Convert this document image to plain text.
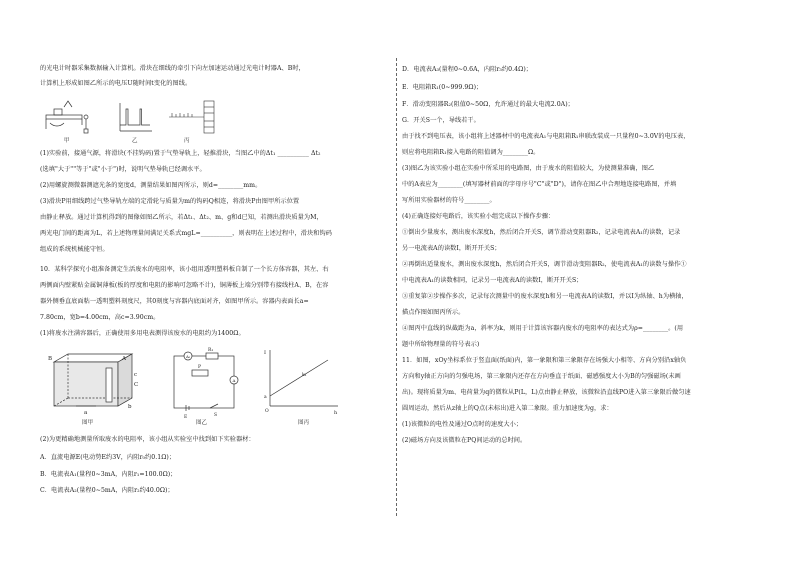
的光电计时器采集数据输入计算机。滑块在细线的牵引下向左加速运动通过光电计时器A、B时，
计算机上形成如图乙所示的电压U随时间t变化的图线。
甲	乙	丙
(1)实验前，接通气源，将滑块(不挂钩码)置于气垫导轨上，轻推滑块，当图乙中的Δt₁ __________ Δt₂
(选填"大于""等于"或"小于")时，说明气垫导轨已经调水平。
(2)用螺旋测微器测遮光条的宽度d，测量结果如图丙所示，则d=________mm。
(3)滑块P用细线跨过气垫导轨左端的定滑轮与质量为m的钩码Q相连，将滑块P由图甲所示位置
由静止释放。通过计算机得到的图像如图乙所示，若Δt₁、Δt₂、m、g和d已知，若测出滑块质量为M，
两光电门间的距离为L，若上述物理量间满足关系式mgL=__________，则表明在上述过程中，滑块和钩码
组成的系统机械能守恒。
10．某科学探究小组准备测定生活废水的电阻率，该小组用透明塑料板自制了一个长方体容器，其左、右
两侧面内壁紧贴金属铜薄板(板的厚度和电阻的影响可忽略不计)，铜薄板上端分别带有接线柱A、B，在容
器外侧垂直底面粘一透明塑料刻度尺，其0刻度与容器内底面对齐，如图甲所示。容器内表面长a=
7.80cm，宽b=4.00cm，高c=3.90cm。
(1)将废水注满容器后，正确使用多用电表测得该废水的电阻约为1400Ω。
B	A
C
a
b
c
图甲
A₁
R₁
A
E	S
P
图乙
I
h
k₁
a
O
图丙
(2)为更精确地测量所取废水的电阻率，该小组从实验室中找到如下实验器材：
A．直流电源E(电动势E约3V，内阻r₀约0.1Ω)；
B．电流表A₁(量程0~3mA，内阻r₁=100.0Ω)；
C．电流表A₂(量程0~5mA，内阻r₂约40.0Ω)；
D．电流表A₃(量程0~0.6A，内阻r₃约0.4Ω)；
E．电阻箱R₁(0~999.9Ω)；
F．滑动变阻器R₂(阻值0~50Ω，允许通过的最大电流2.0A)；
G．开关S一个，导线若干。
由于找不到电压表，该小组将上述器材中的电流表A₁与电阻箱R₁串联改装成一只量程0~3.0V的电压表，
则应将电阻箱R₁接入电路的阻值调为________Ω。
(3)图乙为该实验小组在实验中所采用的电路图，由于废水的阻值较大，为使测量准确，图乙
中的A表应为________(填写器材前面的字母序号"C"或"D")，请你在图乙中合理地连接电路图，并填
写所用实验器材的符号________。
(4)正确连接好电路后，该实验小组完成以下操作步骤：
①倒出少量废水，测出废水深度h，然后闭合开关S，调节滑动变阻器R₂，记录电流表A₁的读数，记录
另一电流表A的读数I，断开开关S；
②再倒出适量废水，测出废水深度h，然后闭合开关S，调节滑动变阻器R₂，使电流表A₁的读数与操作①
中电流表A₁的读数相同，记录另一电流表A的读数I，断开开关S；
③重复第②步操作多次，记录每次测量中的废水深度h和另一电流表A的读数I，并以I为纵轴、h为横轴，
描点作图如图丙所示。
④图丙中直线的纵截距为a，斜率为k，则用于计算该容器内废水的电阻率的表达式为ρ=________。(用
题中所给物理量的符号表示)
11．如图，xOy坐标系位于竖直面(纸面)内，第一象限和第三象限存在场强大小相等、方向分别沿x轴负
方向和y轴正方向的匀强电场，第三象限内还存在方向垂直于纸面、磁感强度大小为B的匀强磁场(未画
出)。现将质量为m、电荷量为q的微粒从P(L，L)点由静止释放，该微粒沿直线PO进入第三象限后做匀速
圆周运动，然后从z轴上的Q点(未标出)进入第二象限。重力加速度为g，求：
(1)该微粒的电性及通过O点时的速度大小；
(2)磁场方向及该微粒在PQ间运动的总时间。
